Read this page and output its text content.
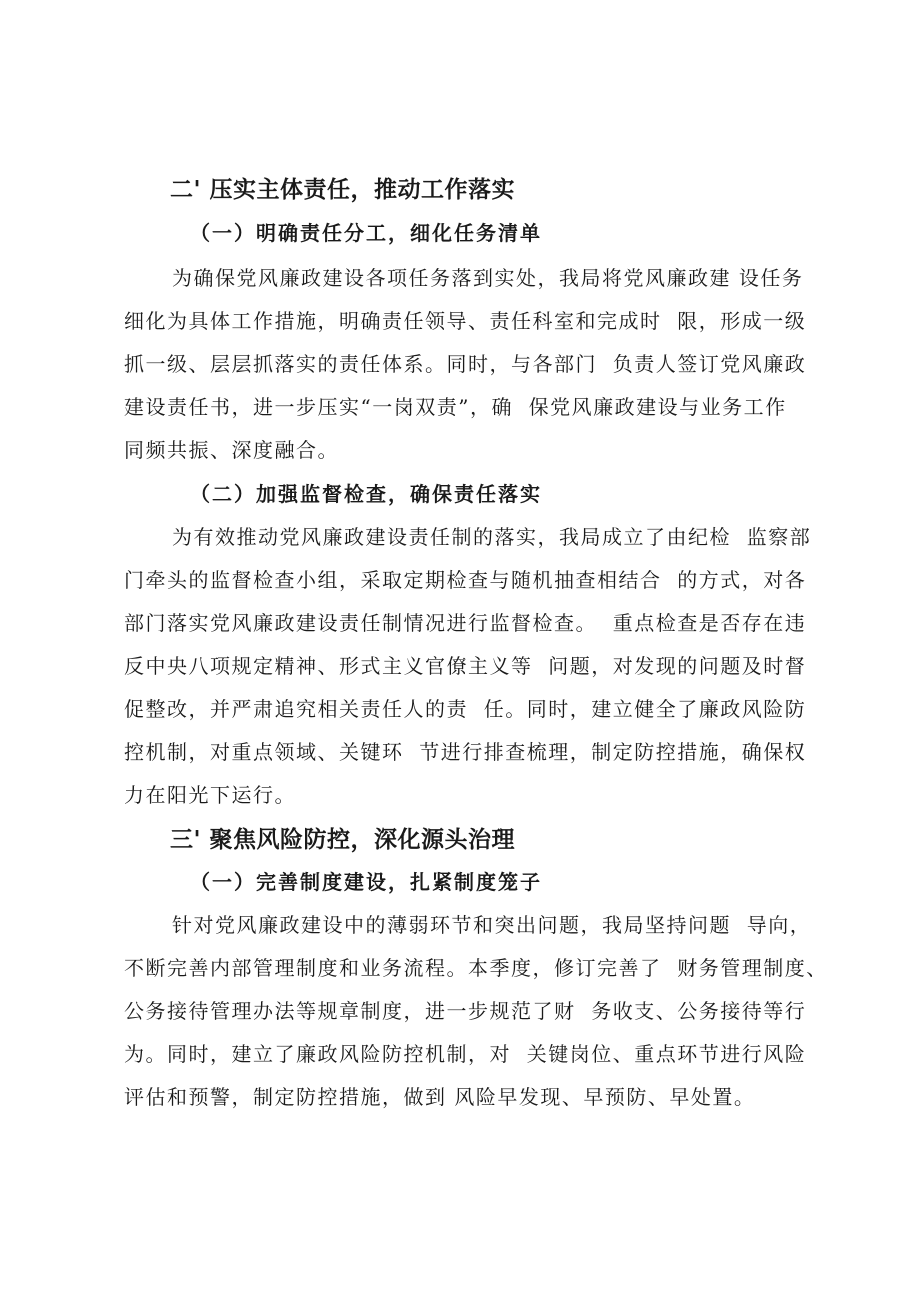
二' 压实主体责任，推动工作落实
（一）明确责任分工，细化任务清单

为确保党风廉政建设各项任务落到实处，我局将党风廉政建 设任务

细化为具体工作措施，明确责任领导、责任科室和完成时  限，形成一级

抓一级、层层抓落实的责任体系。同时，与各部门  负责人签订党风廉政

建设责任书，进一步压实“一岗双责”，确  保党风廉政建设与业务工作

同频共振、深度融合。

（二）加强监督检查，确保责任落实

为有效推动党风廉政建设责任制的落实，我局成立了由纪检  监察部

门牵头的监督检查小组，采取定期检查与随机抽查相结合  的方式，对各

部门落实党风廉政建设责任制情况进行监督检查。  重点检查是否存在违

反中央八项规定精神、形式主义官僚主义等  问题，对发现的问题及时督

促整改，并严肃追究相关责任人的责  任。同时，建立健全了廉政风险防

控机制，对重点领域、关键环  节进行排查梳理，制定防控措施，确保权

力在阳光下运行。

三' 聚焦风险防控，深化源头治理
（一）完善制度建设，扎紧制度笼子

针对党风廉政建设中的薄弱环节和突出问题，我局坚持问题  导向，

不断完善内部管理制度和业务流程。本季度，修订完善了  财务管理制度、

公务接待管理办法等规章制度，进一步规范了财  务收支、公务接待等行

为。同时，建立了廉政风险防控机制，对  关键岗位、重点环节进行风险

评估和预警，制定防控措施，做到 风险早发现、早预防、早处置。
